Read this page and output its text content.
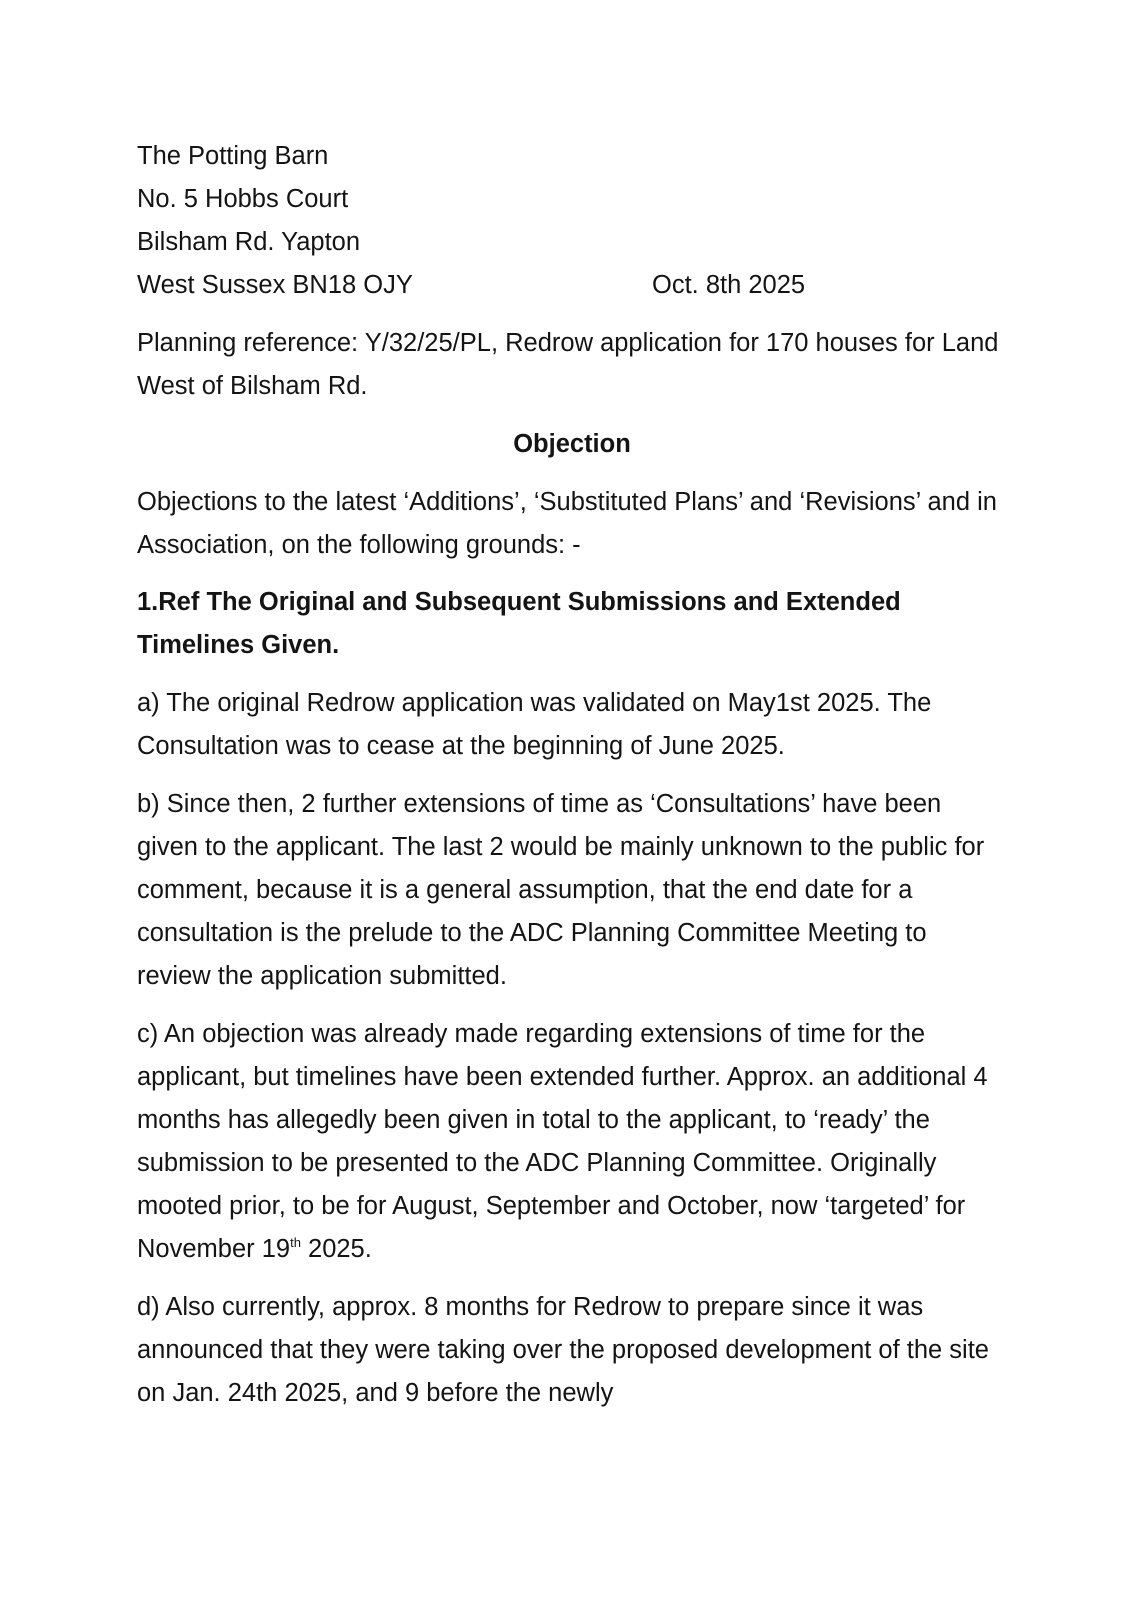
The Potting Barn
No. 5 Hobbs Court
Bilsham Rd. Yapton
West Sussex BN18 OJY	Oct. 8th 2025
Planning reference: Y/32/25/PL, Redrow application for 170 houses for Land West of Bilsham Rd.
Objection
Objections to the latest ‘Additions’, ‘Substituted Plans’ and ‘Revisions’ and in Association, on the following grounds: -
1.Ref The Original and Subsequent Submissions and Extended Timelines Given.
a) The original Redrow application was validated on May1st 2025. The Consultation was to cease at the beginning of June 2025.
b) Since then, 2 further extensions of time as ‘Consultations’ have been given to the applicant. The last 2 would be mainly unknown to the public for comment, because it is a general assumption, that the end date for a consultation is the prelude to the ADC Planning Committee Meeting to review the application submitted.
c) An objection was already made regarding extensions of time for the applicant, but timelines have been extended further. Approx. an additional 4 months has allegedly been given in total to the applicant, to ‘ready’ the submission to be presented to the ADC Planning Committee. Originally mooted prior, to be for August, September and October, now ‘targeted’ for November 19th 2025.
d) Also currently, approx. 8 months for Redrow to prepare since it was announced that they were taking over the proposed development of the site on Jan. 24th 2025, and 9 before the newly
